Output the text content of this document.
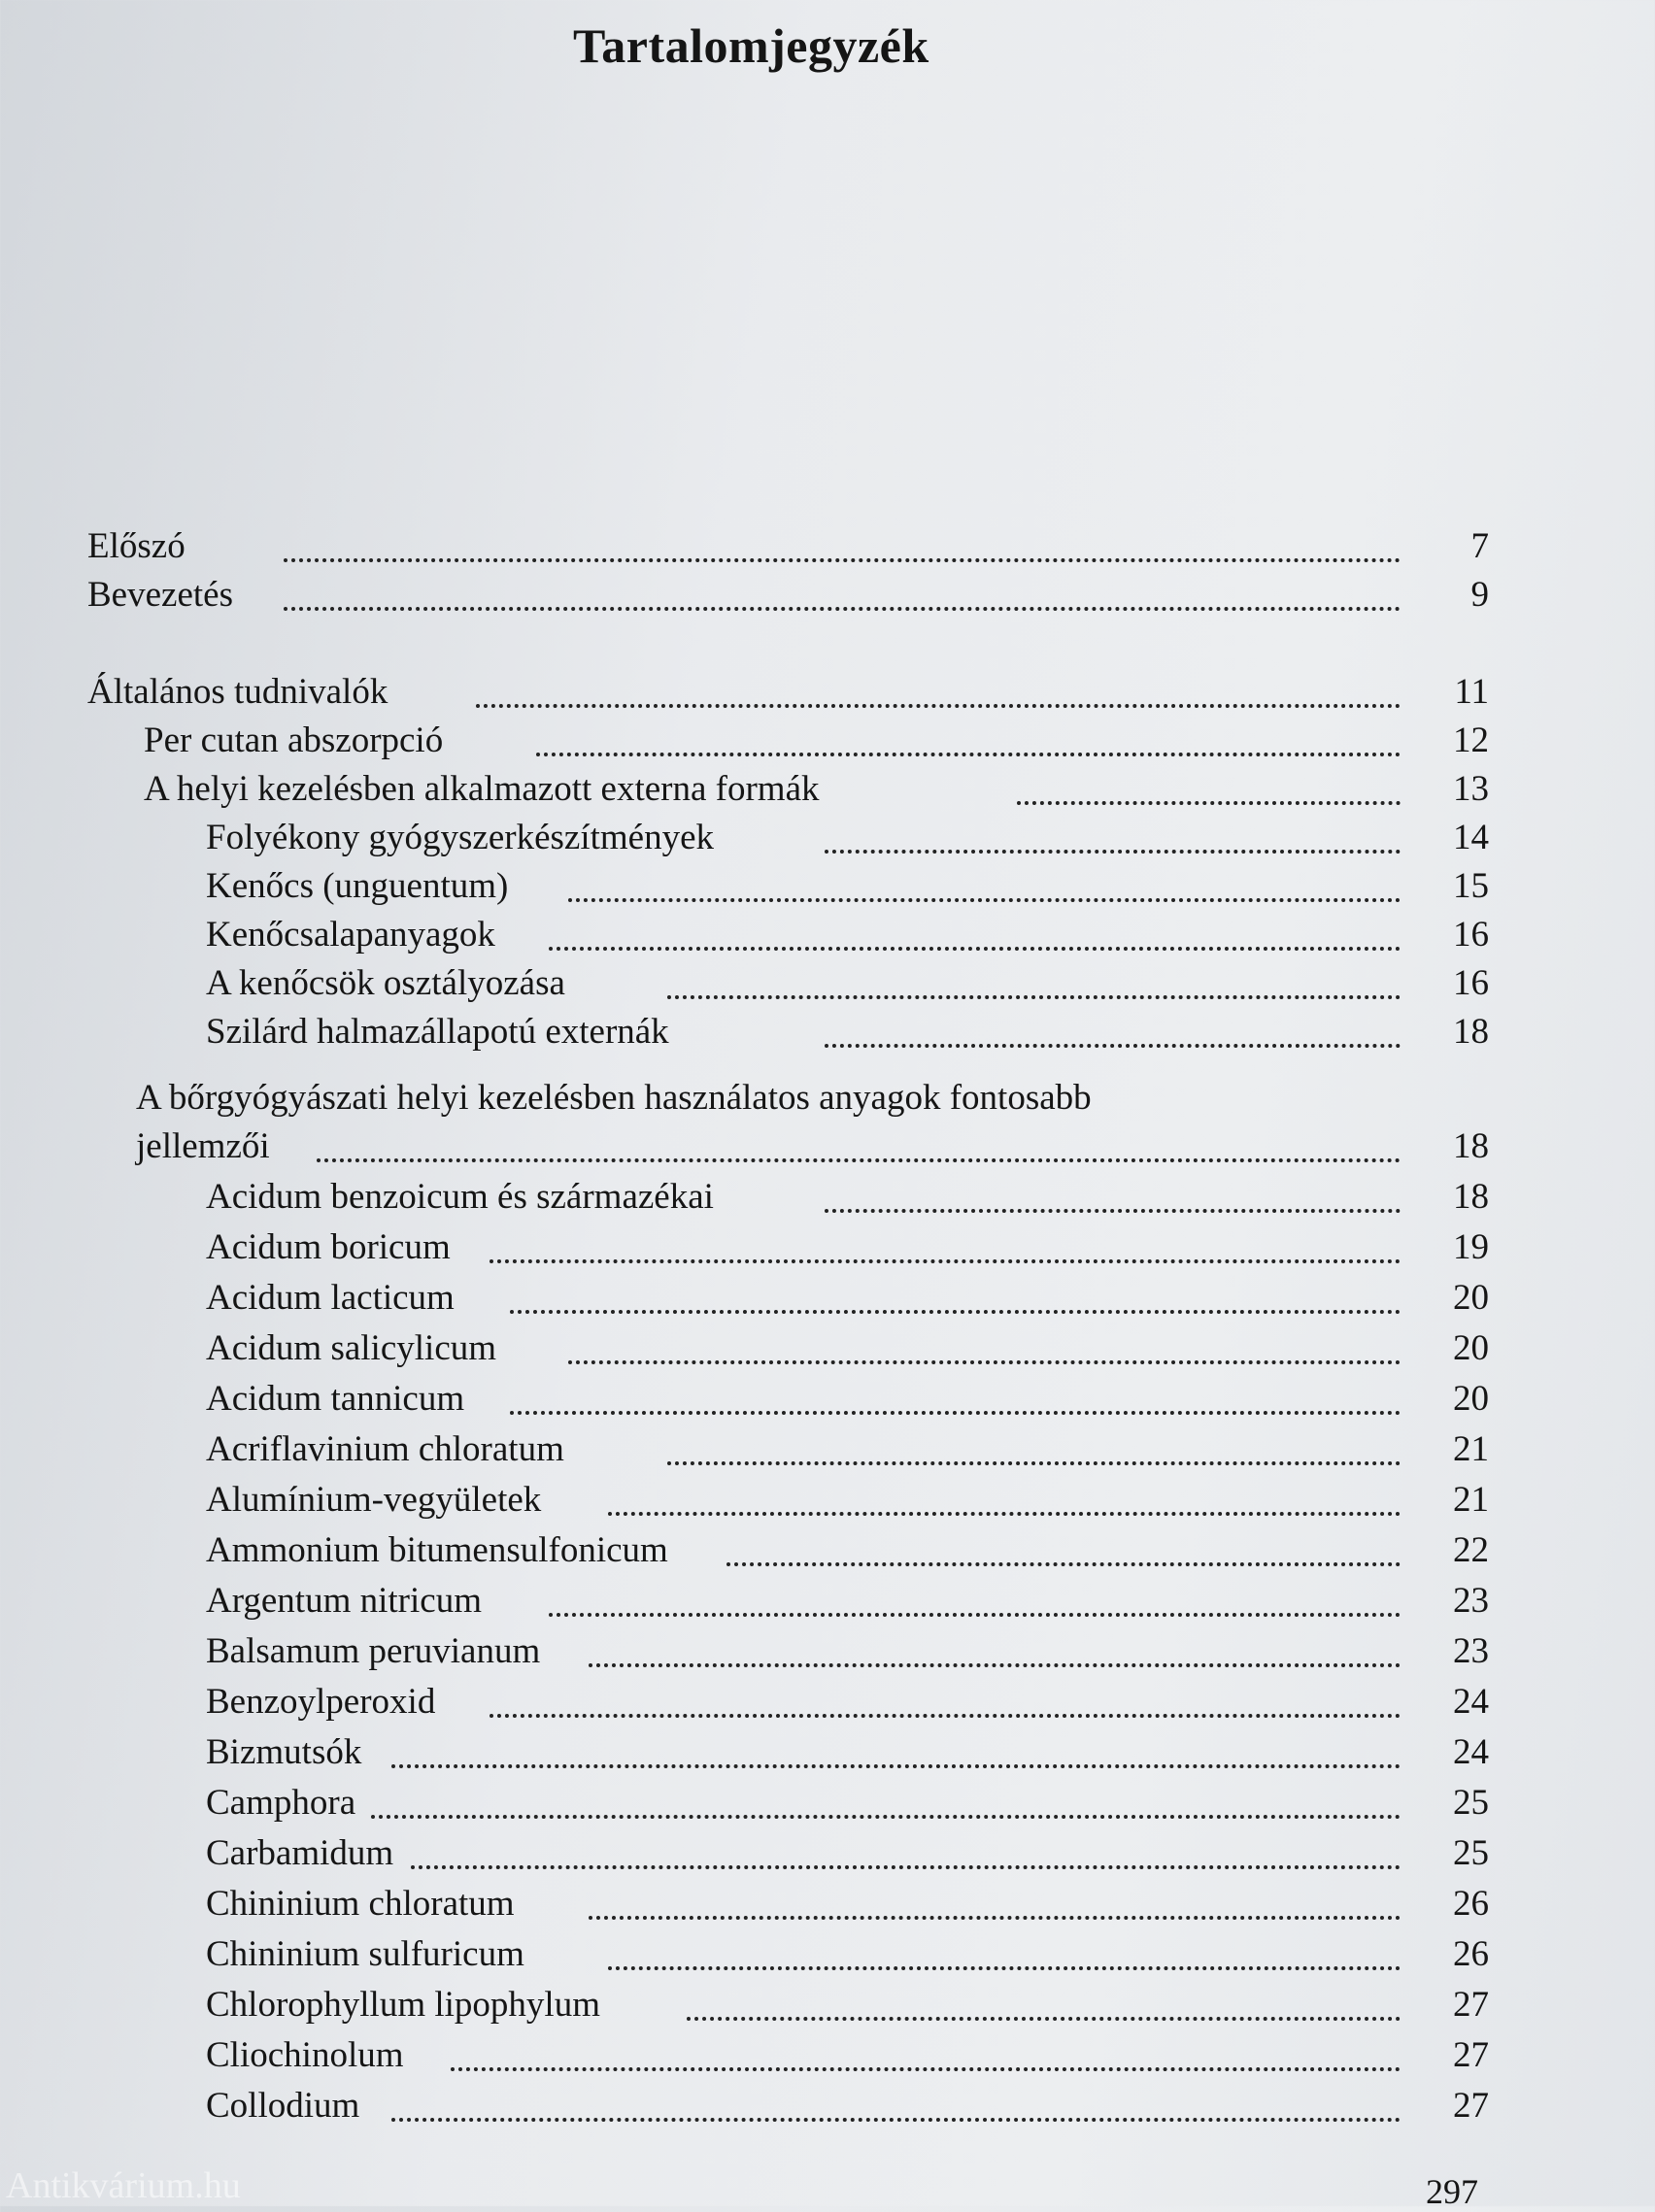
Tartalomjegyzék
Előszó	7
Bevezetés	9
Általános tudnivalók	11
Per cutan abszorpció	12
A helyi kezelésben alkalmazott externa formák	13
Folyékony gyógyszerkészítmények	14
Kenőcs (unguentum)	15
Kenőcsalapanyagok	16
A kenőcsök osztályozása	16
Szilárd halmazállapotú externák	18
A bőrgyógyászati helyi kezelésben használatos anyagok fontosabb
jellemzői	18
Acidum benzoicum és származékai	18
Acidum boricum	19
Acidum lacticum	20
Acidum salicylicum	20
Acidum tannicum	20
Acriflavinium chloratum	21
Alumínium-vegyületek	21
Ammonium bitumensulfonicum	22
Argentum nitricum	23
Balsamum peruvianum	23
Benzoylperoxid	24
Bizmutsók	24
Camphora	25
Carbamidum	25
Chininium chloratum	26
Chininium sulfuricum	26
Chlorophyllum lipophylum	27
Cliochinolum	27
Collodium	27
297
Antikvárium.hu
